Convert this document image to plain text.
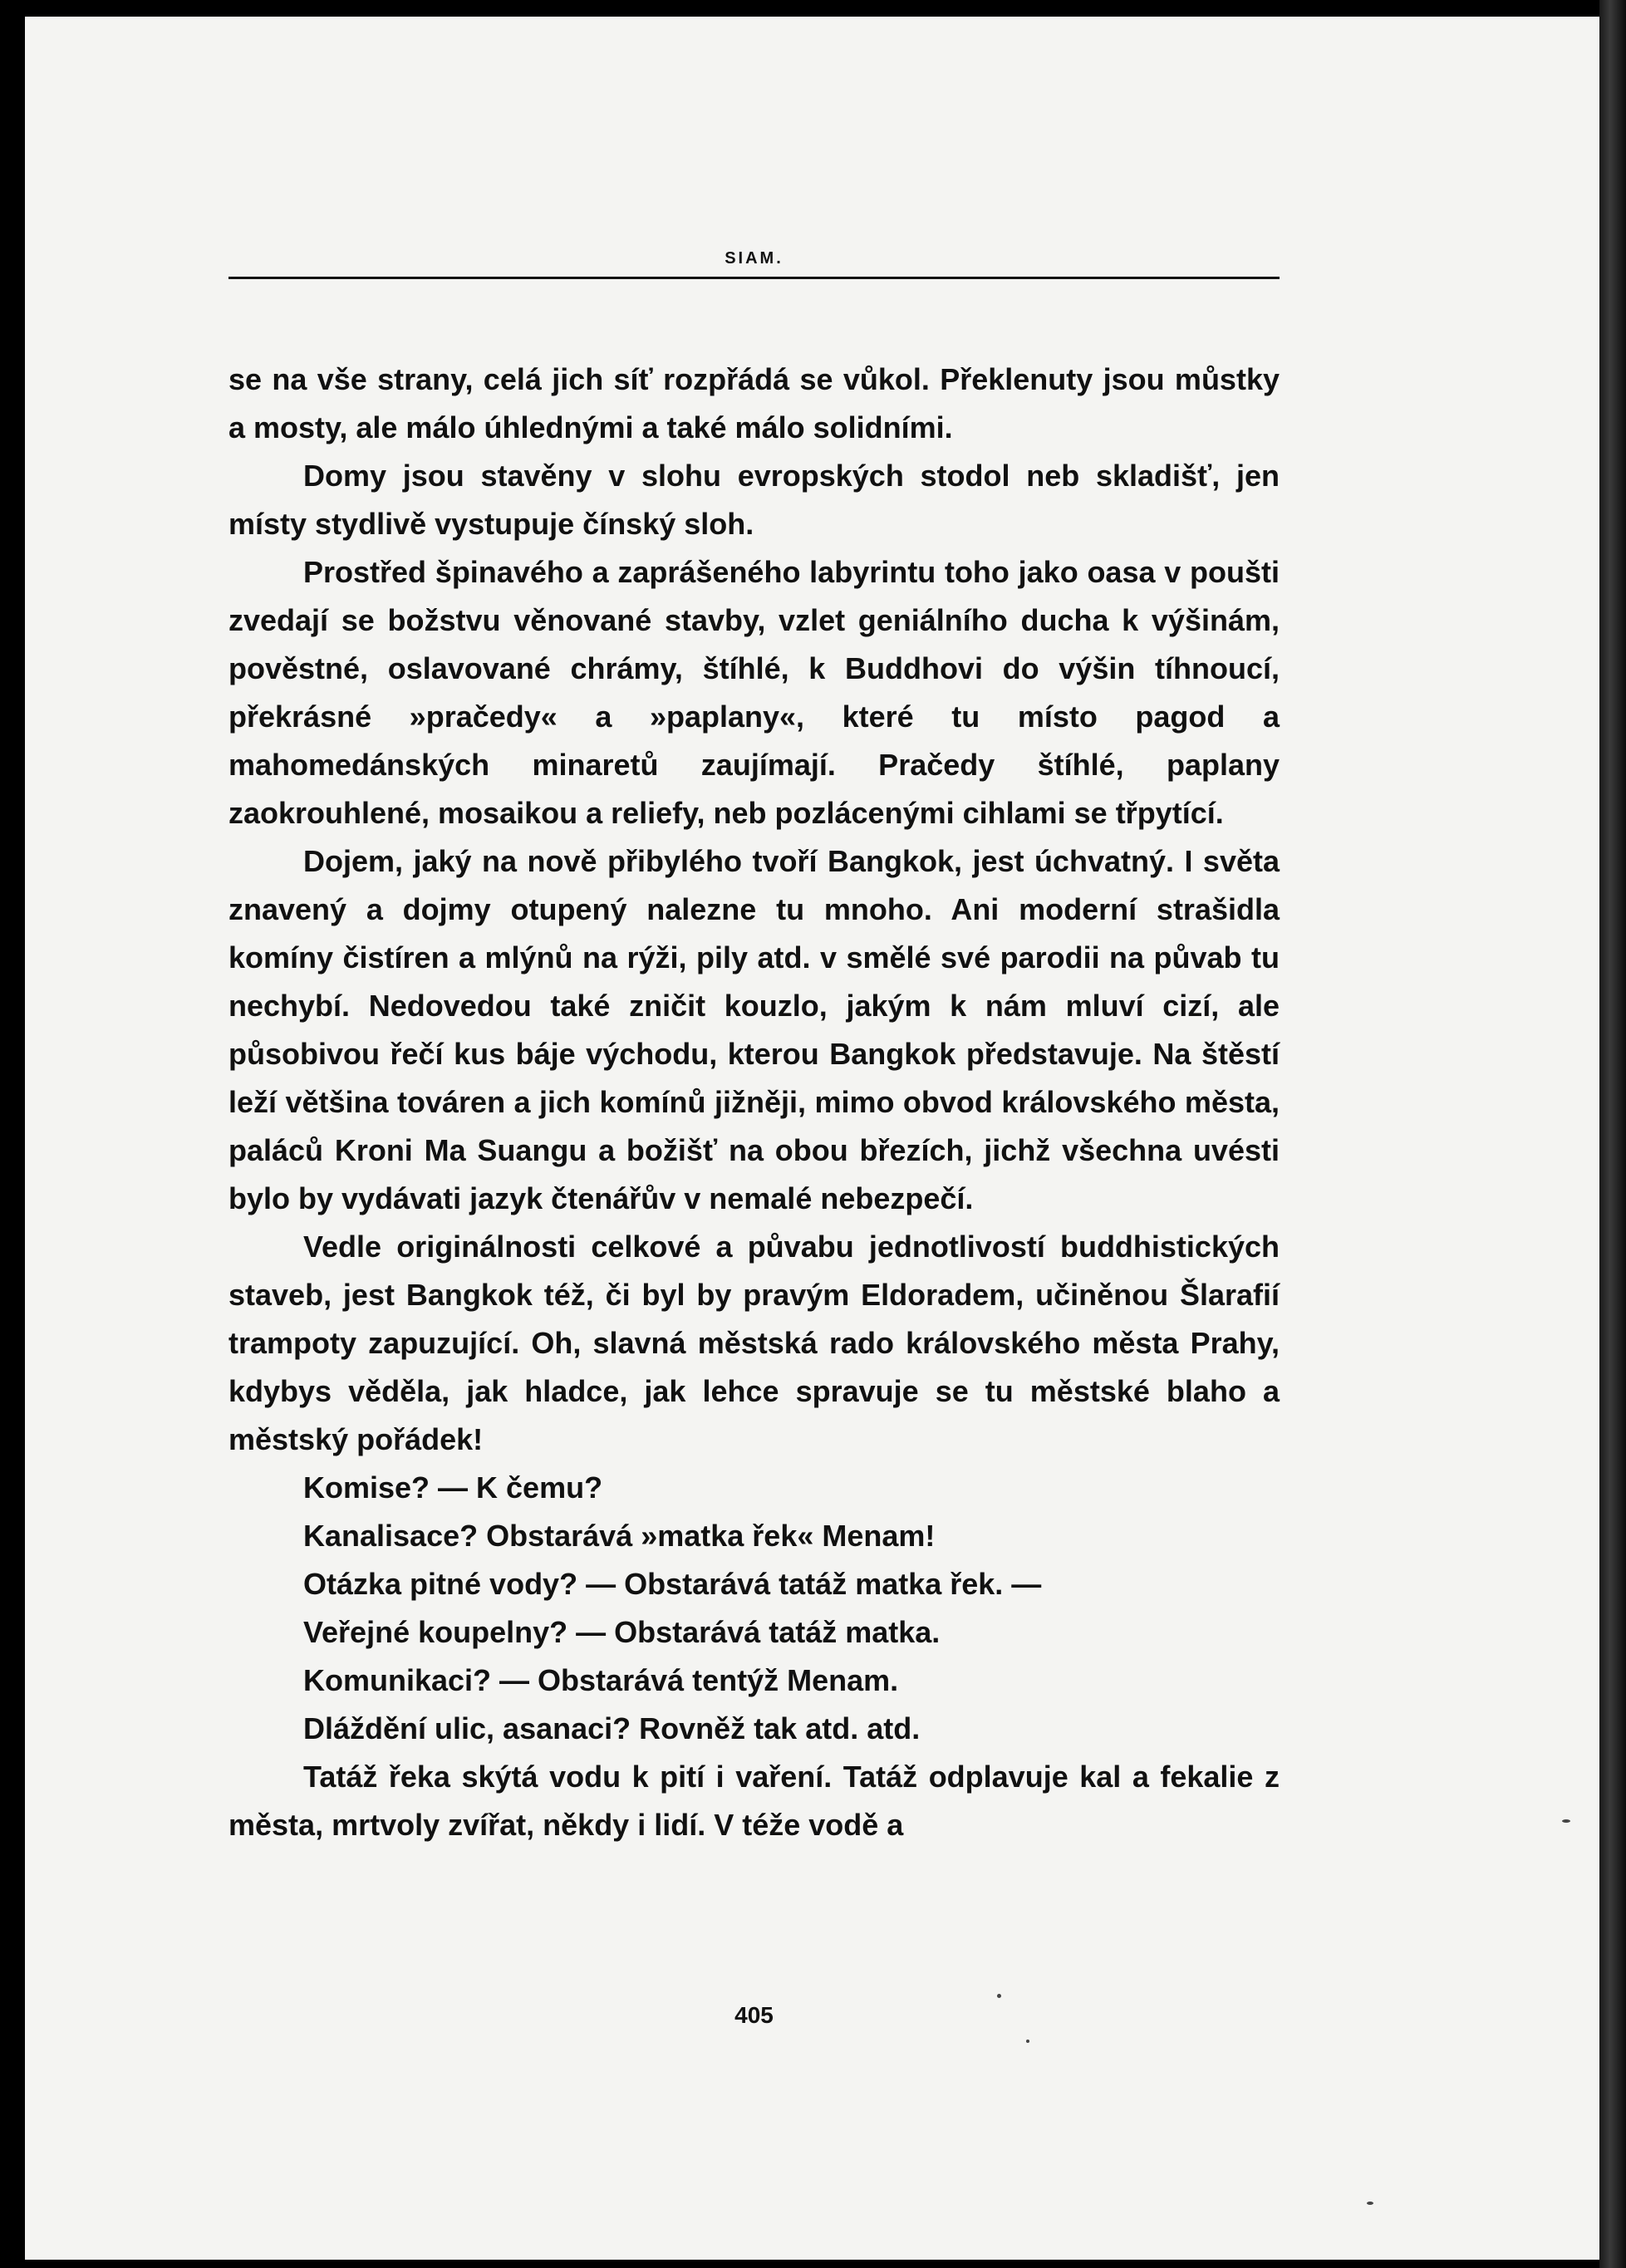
SIAM.

se na vše strany, celá jich síť rozpřádá se vůkol. Překlenuty jsou můstky a mosty, ale málo úhlednými a také málo solidními.

Domy jsou stavěny v slohu evropských stodol neb skladišť, jen místy stydlivě vystupuje čínský sloh.

Prostřed špinavého a zaprášeného labyrintu toho jako oasa v poušti zvedají se božstvu věnované stavby, vzlet geniálního ducha k výšinám, pověstné, oslavované chrámy, štíhlé, k Buddhovi do výšin tíhnoucí, překrásné »pračedy« a »paplany«, které tu místo pagod a mahomedánských minaretů zaujímají. Pračedy štíhlé, paplany zaokrouhlené, mosaikou a reliefy, neb pozlácenými cihlami se třpytící.

Dojem, jaký na nově přibylého tvoří Bangkok, jest úchvatný. I světa znavený a dojmy otupený nalezne tu mnoho. Ani moderní strašidla komíny čistíren a mlýnů na rýži, pily atd. v smělé své parodii na půvab tu nechybí. Nedovedou také zničit kouzlo, jakým k nám mluví cizí, ale působivou řečí kus báje východu, kterou Bangkok představuje. Na štěstí leží většina továren a jich komínů jižněji, mimo obvod královského města, paláců Kroni Ma Suangu a božišť na obou březích, jichž všechna uvésti bylo by vydávati jazyk čtenářův v nemalé nebezpečí.

Vedle originálnosti celkové a půvabu jednotlivostí buddhistických staveb, jest Bangkok též, či byl by pravým Eldoradem, učiněnou Šlarafií trampoty zapuzující. Oh, slavná městská rado královského města Prahy, kdybys věděla, jak hladce, jak lehce spravuje se tu městské blaho a městský pořádek!

Komise? — K čemu?

Kanalisace? Obstarává »matka řek« Menam!

Otázka pitné vody? — Obstarává tatáž matka řek. —

Veřejné koupelny? — Obstarává tatáž matka.

Komunikaci? — Obstarává tentýž Menam.

Dláždění ulic, asanaci? Rovněž tak atd. atd.

Tatáž řeka skýtá vodu k pití i vaření. Tatáž odplavuje kal a fekalie z města, mrtvoly zvířat, někdy i lidí. V téže vodě a

405
